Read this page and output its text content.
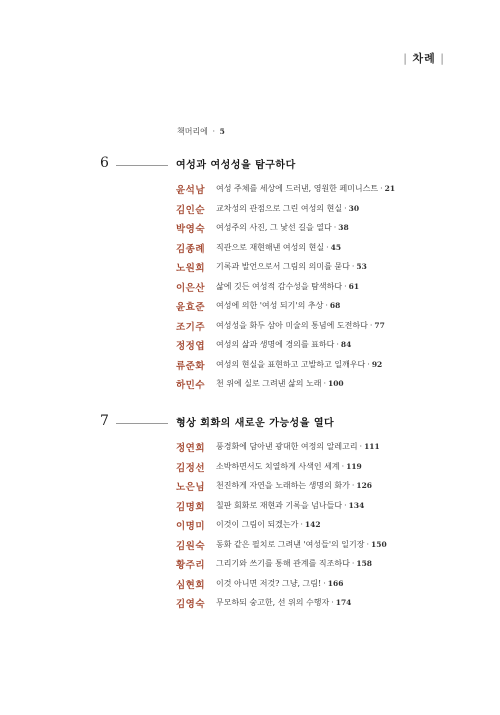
| 차례 |
책머리에 · 5
6	여성과 여성성을 탐구하다
윤석남 여성 주체를 세상에 드러낸, 영원한 페미니스트 · 21
김인순 교차성의 관점으로 그린 여성의 현실 · 30
박영숙 여성주의 사진, 그 낯선 길을 열다 · 38
김종례 직관으로 재현해낸 여성의 현실 · 45
노원희 기록과 발언으로서 그림의 의미를 묻다 · 53
이은산 삶에 깃든 여성적 감수성을 탐색하다 · 61
윤효준 여성에 의한 '여성 되기'의 추상 · 68
조기주 여성성을 화두 삼아 미술의 통념에 도전하다 · 77
정정엽 여성의 삶과 생명에 경의를 표하다 · 84
류준화 여성의 현실을 표현하고 고발하고 일깨우다 · 92
하민수 천 위에 실로 그려낸 삶의 노래 · 100
7	형상 회화의 새로운 가능성을 열다
정연희 풍경화에 담아낸 광대한 여정의 알레고리 · 111
김정선 소박하면서도 치열하게 사색인 세계 · 119
노은님 천진하게 자연을 노래하는 생명의 화가 · 126
김명희 칠판 회화로 재현과 기록을 넘나들다 · 134
이명미 이것이 그림이 되겠는가 · 142
김원숙 동화 같은 필치로 그려낸 '여성들'의 일기장 · 150
황주리 그리기와 쓰기를 통해 관계를 직조하다 · 158
심현희 이것 아니면 저것? 그냥, 그림! · 166
김영숙 무모하되 숭고한, 선 위의 수행자 · 174
